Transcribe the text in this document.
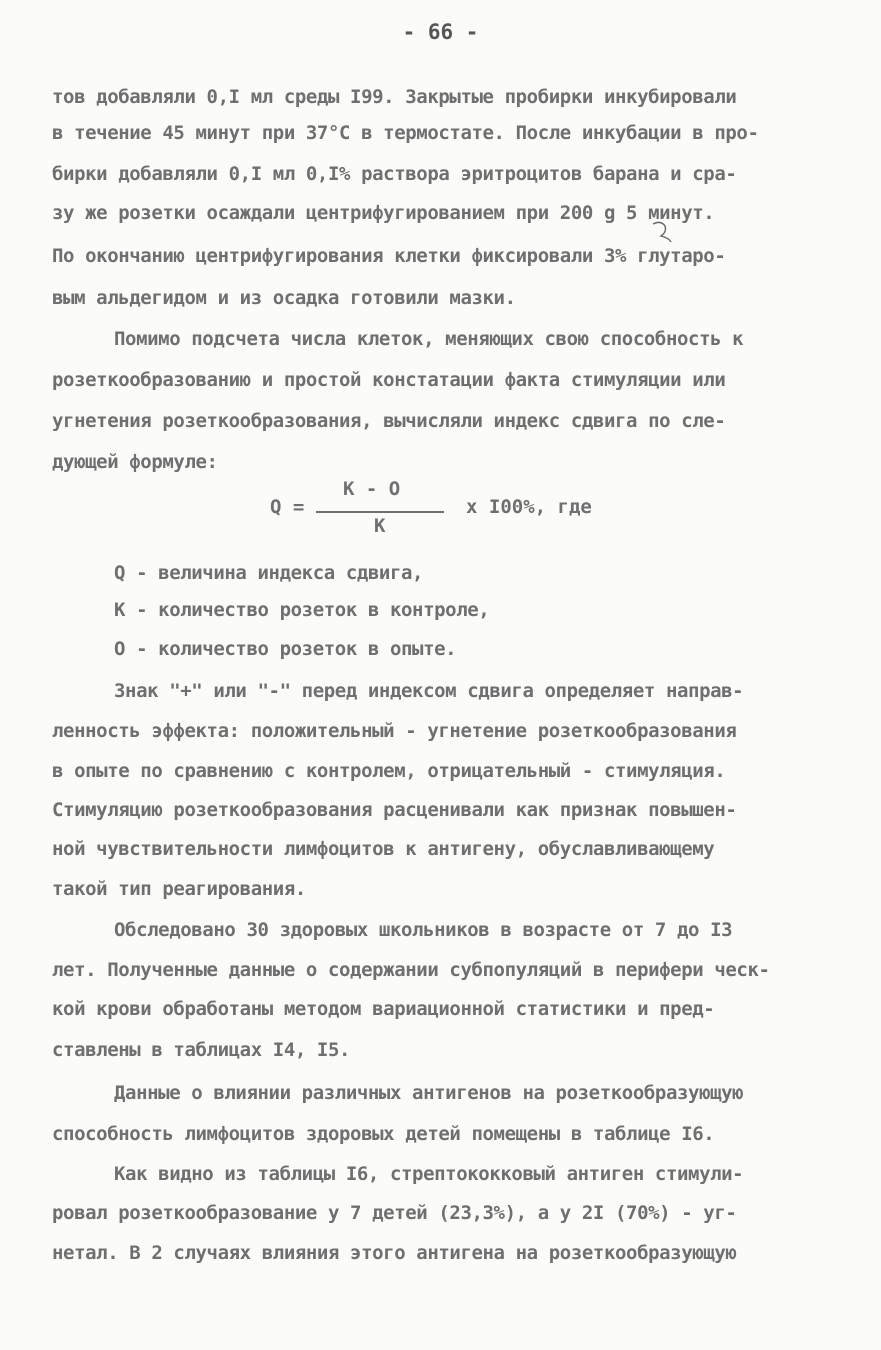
- 66 -
тов добавляли 0,I мл среды I99. Закрытые пробирки инкубировали
в течение 45 минут при 37°С в термостате. После инкубации в про-
бирки добавляли 0,I мл 0,I% раствора эритроцитов барана и сра-
зу же розетки осаждали центрифугированием при 200 g 5 минут.
По окончанию центрифугирования клетки фиксировали 3% глутаро-
вым альдегидом и из осадка готовили мазки.
Помимо подсчета числа клеток, меняющих свою способность к
розеткообразованию и простой констатации факта стимуляции или
угнетения розеткообразования, вычисляли индекс сдвига по сле-
дующей формуле:
Q =
К - О
К
x I00%, где
Q - величина индекса сдвига,
К - количество розеток в контроле,
О - количество розеток в опыте.
Знак "+" или "-" перед индексом сдвига определяет направ-
ленность эффекта: положительный - угнетение розеткообразования
в опыте по сравнению с контролем, отрицательный - стимуляция.
Стимуляцию розеткообразования расценивали как признак повышен-
ной чувствительности лимфоцитов к антигену, обуславливающему
такой тип реагирования.
Обследовано 30 здоровых школьников в возрасте от 7 до I3
лет. Полученные данные о содержании субпопуляций в перифери ческ-
кой крови обработаны методом вариационной статистики и пред-
ставлены в таблицах I4, I5.
Данные о влиянии различных антигенов на розеткообразующую
способность лимфоцитов здоровых детей помещены в таблице I6.
Как видно из таблицы I6, стрептококковый антиген стимули-
ровал розеткообразование у 7 детей (23,3%), а у 2I (70%) - уг-
нетал. В 2 случаях влияния этого антигена на розеткообразующую
